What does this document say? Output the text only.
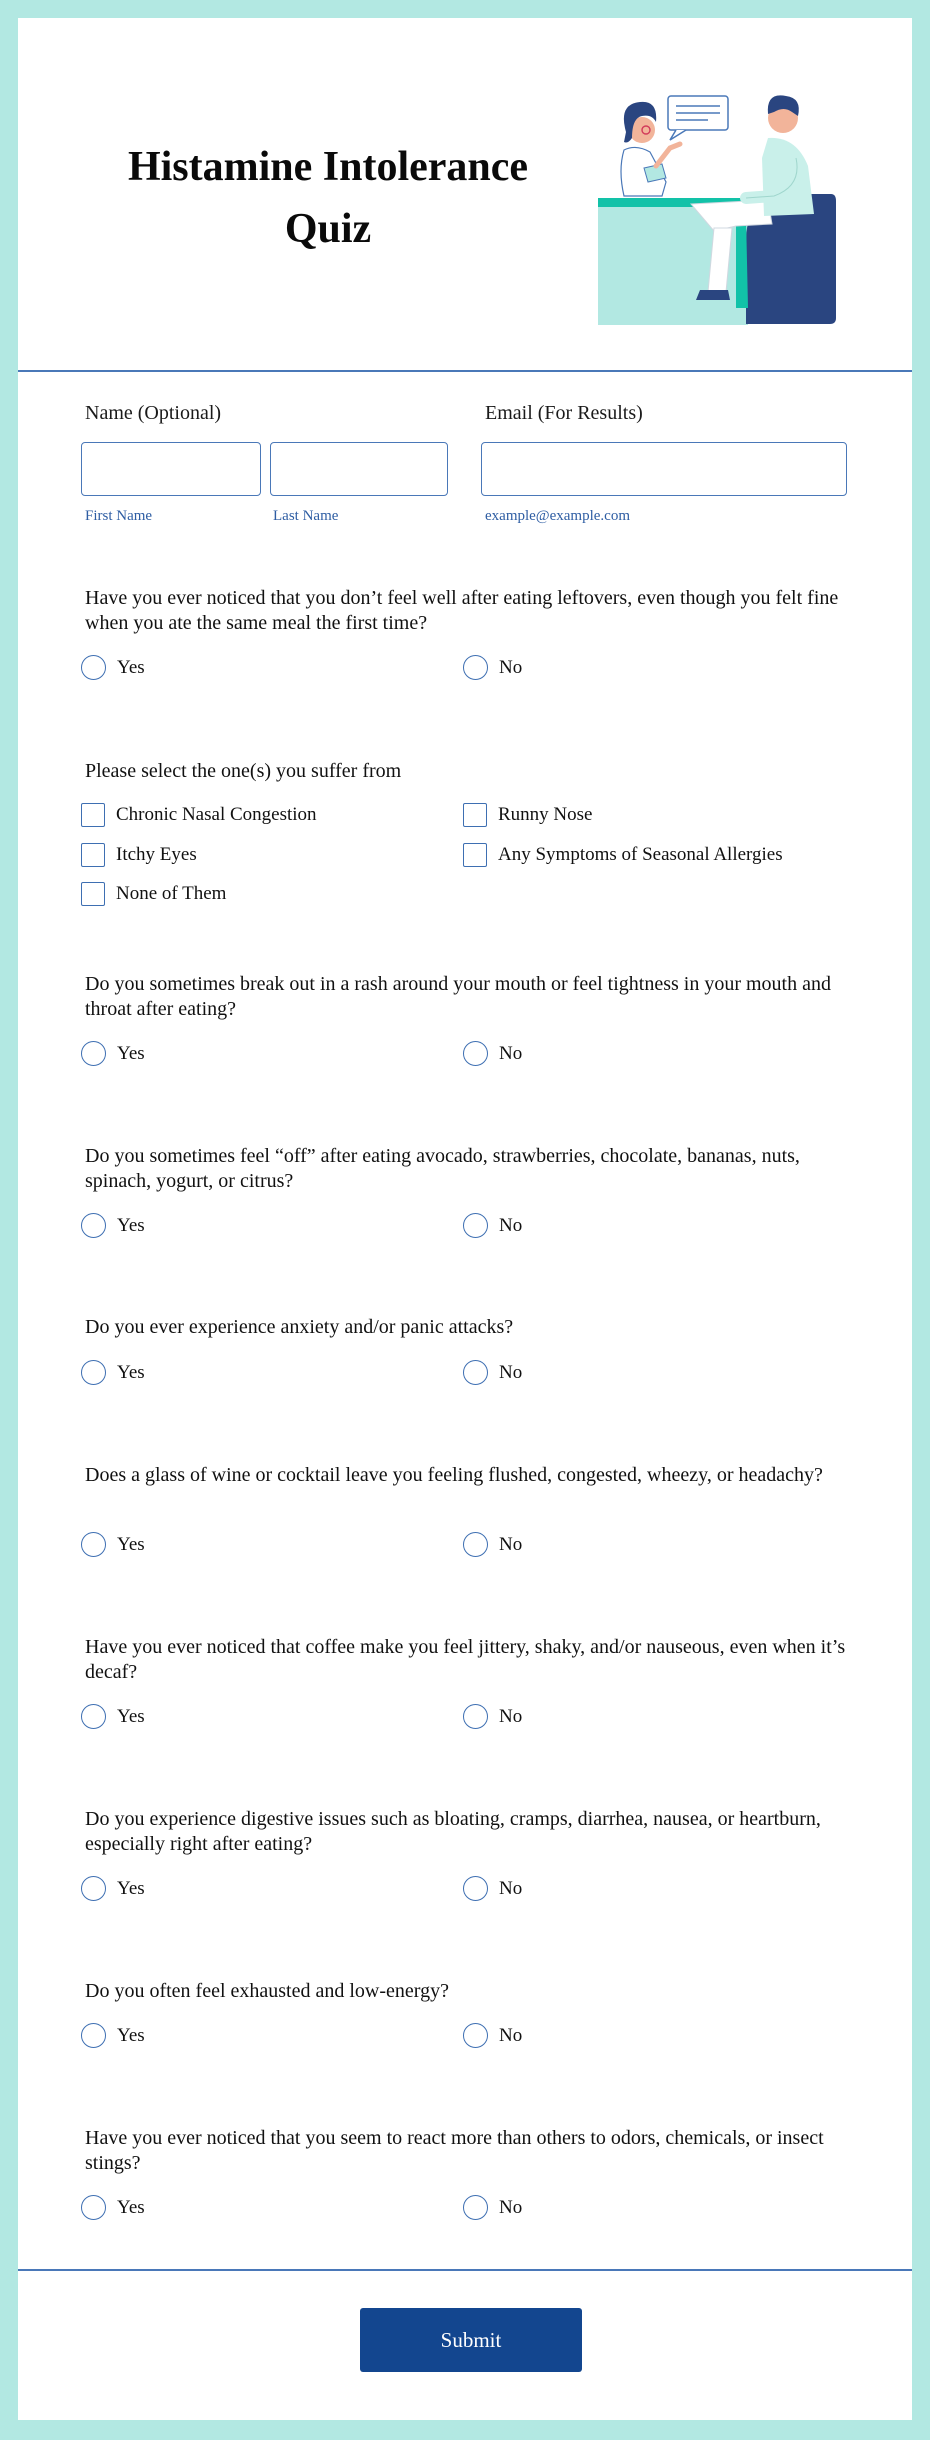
Histamine Intolerance
Quiz
Name (Optional)	Email (For Results)
First Name	Last Name	example@example.com
Have you ever noticed that you don’t feel well after eating leftovers, even though you felt fine when you ate the same meal the first time?
Yes	No
Please select the one(s) you suffer from
Chronic Nasal Congestion	Runny Nose
Itchy Eyes	Any Symptoms of Seasonal Allergies
None of Them
Do you sometimes break out in a rash around your mouth or feel tightness in your mouth and throat after eating?
Yes	No
Do you sometimes feel “off” after eating avocado, strawberries, chocolate, bananas, nuts, spinach, yogurt, or citrus?
Yes	No
Do you ever experience anxiety and/or panic attacks?
Yes	No
Does a glass of wine or cocktail leave you feeling flushed, congested, wheezy, or headachy?
Yes	No
Have you ever noticed that coffee make you feel jittery, shaky, and/or nauseous, even when it’s decaf?
Yes	No
Do you experience digestive issues such as bloating, cramps, diarrhea, nausea, or heartburn, especially right after eating?
Yes	No
Do you often feel exhausted and low-energy?
Yes	No
Have you ever noticed that you seem to react more than others to odors, chemicals, or insect stings?
Yes	No
Submit
